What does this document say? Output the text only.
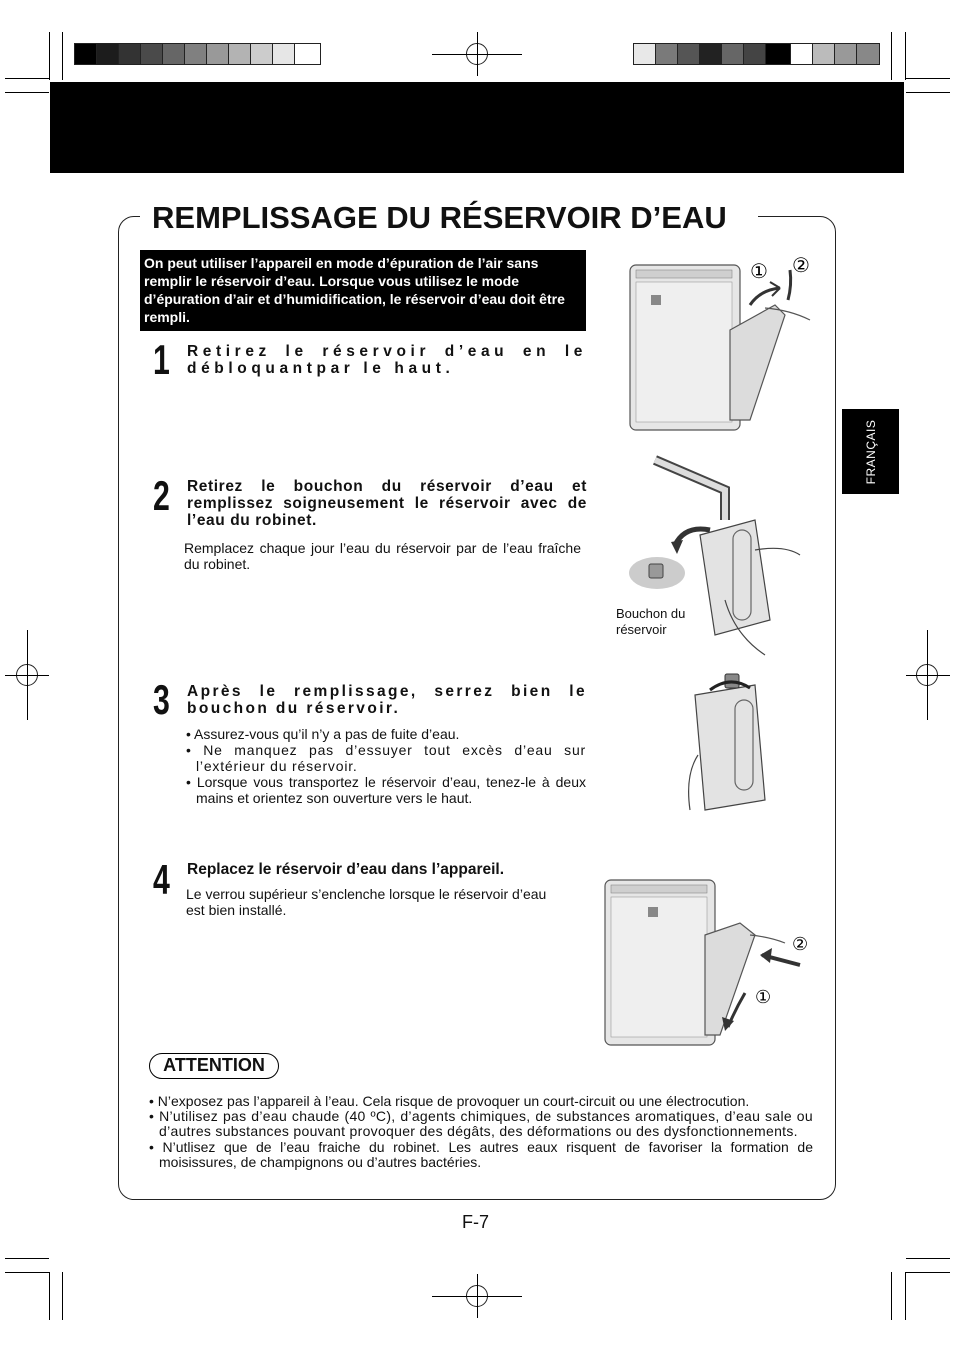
REMPLISSAGE DU RÉSERVOIR D’EAU
On peut utiliser l’appareil en mode d’épuration de l’air sans remplir le réservoir d’eau. Lorsque vous utilisez le mode d’épuration d’air et d’humidification, le réservoir d’eau doit être rempli.
FRANÇAIS
1 Retirez le réservoir d’eau en le débloquantpar le haut.
2 Retirez le bouchon du réservoir d’eau et remplissez soigneusement le réservoir avec de l’eau du robinet.
Remplacez chaque jour l’eau du réservoir par de l’eau fraîche du robinet.
3 Après le remplissage, serrez bien le bouchon du réservoir.
• Assurez-vous qu’il n’y a pas de fuite d’eau.
• Ne manquez pas d’essuyer tout excès d’eau sur l’extérieur du réservoir.
• Lorsque vous transportez le réservoir d’eau, tenez-le à deux mains et orientez son ouverture vers le haut.
4 Replacez le réservoir d’eau dans l’appareil.
Le verrou supérieur s’enclenche lorsque le réservoir d’eau est bien installé.
① ②
Bouchon du réservoir
②
①
ATTENTION
• N’exposez pas l’appareil à l’eau. Cela risque de provoquer un court-circuit ou une électrocution.
• N’utilisez pas d’eau chaude (40 ºC), d’agents chimiques, de substances aromatiques, d’eau sale ou d’autres substances pouvant provoquer des dégâts, des déformations ou des dysfonctionnements.
• N’utlisez que de l’eau fraiche du robinet. Les autres eaux risquent de favoriser la formation de moisissures, de champignons ou d’autres bactéries.
F-7
